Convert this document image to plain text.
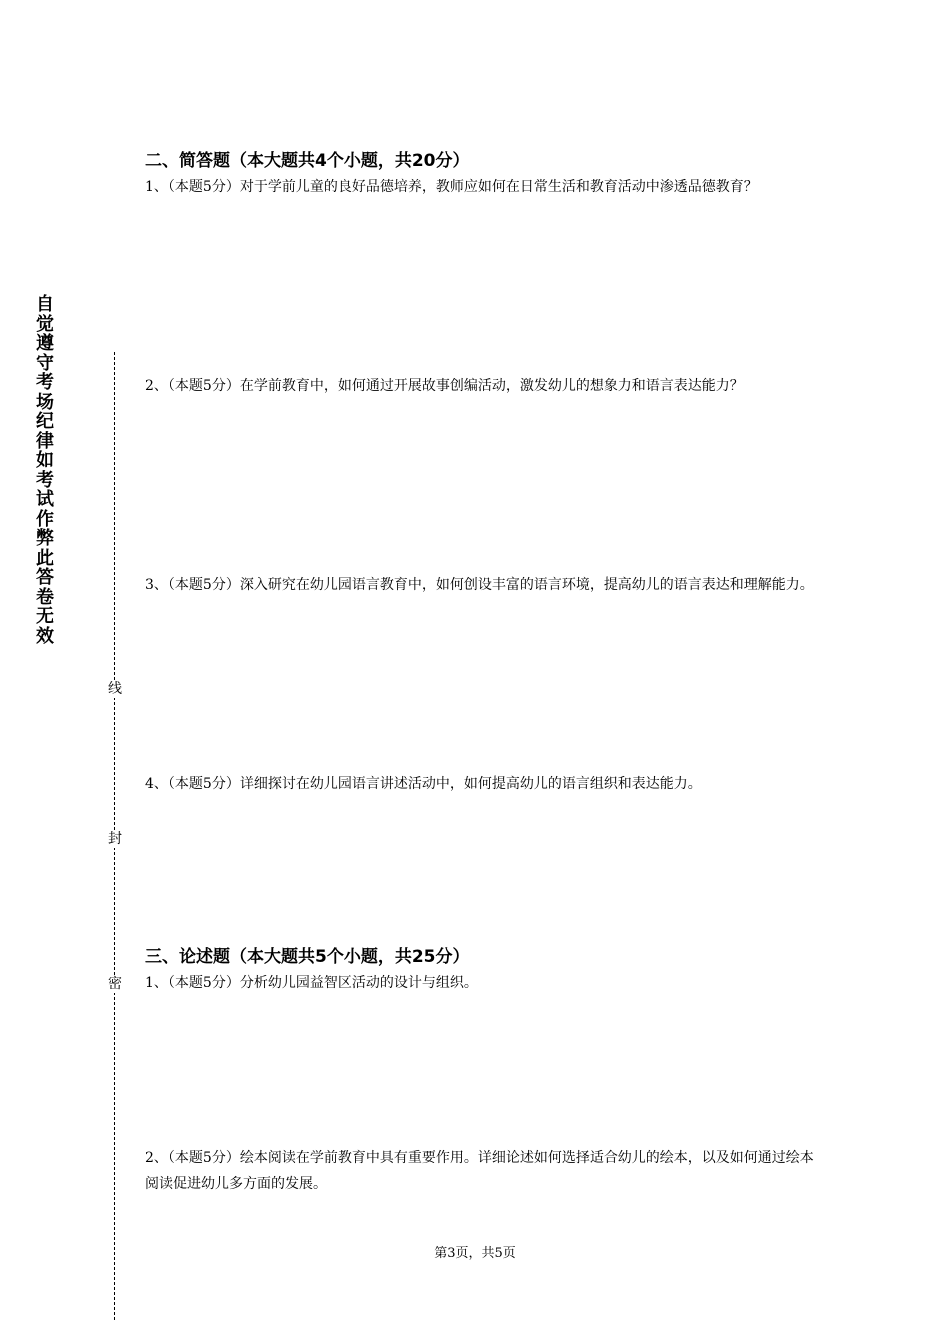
自觉遵守考场纪律如考试作弊此答卷无效
线
封
密
二、简答题（本大题共4个小题，共20分）
1、（本题5分）对于学前儿童的良好品德培养，教师应如何在日常生活和教育活动中渗透品德教育？
2、（本题5分）在学前教育中，如何通过开展故事创编活动，激发幼儿的想象力和语言表达能力？
3、（本题5分）深入研究在幼儿园语言教育中，如何创设丰富的语言环境，提高幼儿的语言表达和理解能力。
4、（本题5分）详细探讨在幼儿园语言讲述活动中，如何提高幼儿的语言组织和表达能力。
三、论述题（本大题共5个小题，共25分）
1、（本题5分）分析幼儿园益智区活动的设计与组织。
2、（本题5分）绘本阅读在学前教育中具有重要作用。详细论述如何选择适合幼儿的绘本，以及如何通过绘本阅读促进幼儿多方面的发展。
第3页，共5页
